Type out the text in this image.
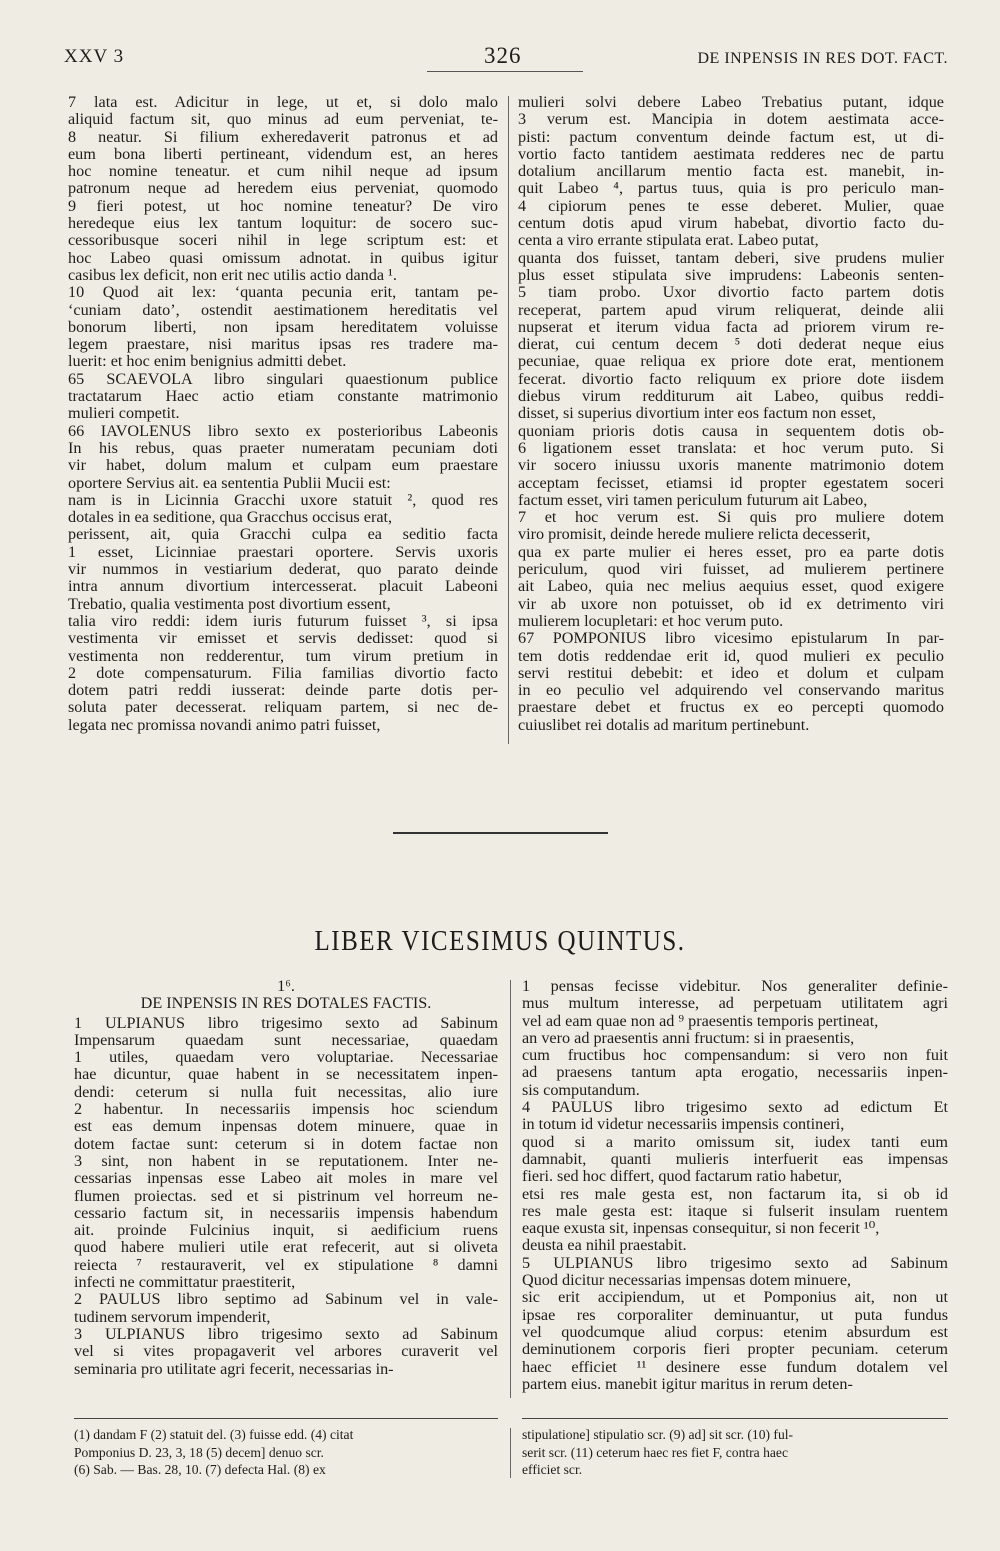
XXV 3	326	DE INPENSIS IN RES DOT. FACT.

7 lata est. Adicitur in lege, ut et, si dolo malo

aliquid factum sit, quo minus ad eum perveniat, te-

8 neatur. Si filium exheredaverit patronus et ad

eum bona liberti pertineant, videndum est, an heres

hoc nomine teneatur. et cum nihil neque ad ipsum

patronum neque ad heredem eius perveniat, quomodo

9 fieri potest, ut hoc nomine teneatur? De viro

heredeque eius lex tantum loquitur: de socero suc-

cessoribusque soceri nihil in lege scriptum est: et

hoc Labeo quasi omissum adnotat. in quibus igitur

casibus lex deficit, non erit nec utilis actio danda ¹.

10 Quod ait lex: ‘quanta pecunia erit, tantam pe-

‘cuniam dato’, ostendit aestimationem hereditatis vel

bonorum liberti, non ipsam hereditatem voluisse

legem praestare, nisi maritus ipsas res tradere ma-

luerit: et hoc enim benignius admitti debet.

65 SCAEVOLA libro singulari quaestionum publice

tractatarum Haec actio etiam constante matrimonio

mulieri competit.

66 IAVOLENUS libro sexto ex posterioribus Labeonis

In his rebus, quas praeter numeratam pecuniam doti

vir habet, dolum malum et culpam eum praestare

oportere Servius ait. ea sententia Publii Mucii est:

nam is in Licinnia Gracchi uxore statuit ², quod res

dotales in ea seditione, qua Gracchus occisus erat,

perissent, ait, quia Gracchi culpa ea seditio facta

1 esset, Licinniae praestari oportere. Servis uxoris

vir nummos in vestiarium dederat, quo parato deinde

intra annum divortium intercesserat. placuit Labeoni

Trebatio, qualia vestimenta post divortium essent,

talia viro reddi: idem iuris futurum fuisset ³, si ipsa

vestimenta vir emisset et servis dedisset: quod si

vestimenta non redderentur, tum virum pretium in

2 dote compensaturum. Filia familias divortio facto

dotem patri reddi iusserat: deinde parte dotis per-

soluta pater decesserat. reliquam partem, si nec de-

legata nec promissa novandi animo patri fuisset,

mulieri solvi debere Labeo Trebatius putant, idque

3 verum est. Mancipia in dotem aestimata acce-

pisti: pactum conventum deinde factum est, ut di-

vortio facto tantidem aestimata redderes nec de partu

dotalium ancillarum mentio facta est. manebit, in-

quit Labeo ⁴, partus tuus, quia is pro periculo man-

4 cipiorum penes te esse deberet. Mulier, quae

centum dotis apud virum habebat, divortio facto du-

centa a viro errante stipulata erat. Labeo putat,

quanta dos fuisset, tantam deberi, sive prudens mulier

plus esset stipulata sive imprudens: Labeonis senten-

5 tiam probo. Uxor divortio facto partem dotis

receperat, partem apud virum reliquerat, deinde alii

nupserat et iterum vidua facta ad priorem virum re-

dierat, cui centum decem ⁵ doti dederat neque eius

pecuniae, quae reliqua ex priore dote erat, mentionem

fecerat. divortio facto reliquum ex priore dote iisdem

diebus virum redditurum ait Labeo, quibus reddi-

disset, si superius divortium inter eos factum non esset,

quoniam prioris dotis causa in sequentem dotis ob-

6 ligationem esset translata: et hoc verum puto. Si

vir socero iniussu uxoris manente matrimonio dotem

acceptam fecisset, etiamsi id propter egestatem soceri

factum esset, viri tamen periculum futurum ait Labeo,

7 et hoc verum est. Si quis pro muliere dotem

viro promisit, deinde herede muliere relicta decesserit,

qua ex parte mulier ei heres esset, pro ea parte dotis

periculum, quod viri fuisset, ad mulierem pertinere

ait Labeo, quia nec melius aequius esset, quod exigere

vir ab uxore non potuisset, ob id ex detrimento viri

mulierem locupletari: et hoc verum puto.

67 POMPONIUS libro vicesimo epistularum In par-

tem dotis reddendae erit id, quod mulieri ex peculio

servi restitui debebit: et ideo et dolum et culpam

in eo peculio vel adquirendo vel conservando maritus

praestare debet et fructus ex eo percepti quomodo

cuiuslibet rei dotalis ad maritum pertinebunt.

LIBER VICESIMUS QUINTUS.

1⁶.

DE INPENSIS IN RES DOTALES FACTIS.

1 ULPIANUS libro trigesimo sexto ad Sabinum

Impensarum quaedam sunt necessariae, quaedam

1 utiles, quaedam vero voluptariae. Necessariae

hae dicuntur, quae habent in se necessitatem inpen-

dendi: ceterum si nulla fuit necessitas, alio iure

2 habentur. In necessariis impensis hoc sciendum

est eas demum inpensas dotem minuere, quae in

dotem factae sunt: ceterum si in dotem factae non

3 sint, non habent in se reputationem. Inter ne-

cessarias inpensas esse Labeo ait moles in mare vel

flumen proiectas. sed et si pistrinum vel horreum ne-

cessario factum sit, in necessariis impensis habendum

ait. proinde Fulcinius inquit, si aedificium ruens

quod habere mulieri utile erat refecerit, aut si oliveta

reiecta ⁷ restauraverit, vel ex stipulatione ⁸ damni

infecti ne committatur praestiterit,

2 PAULUS libro septimo ad Sabinum vel in vale-

tudinem servorum impenderit,

3 ULPIANUS libro trigesimo sexto ad Sabinum

vel si vites propagaverit vel arbores curaverit vel

seminaria pro utilitate agri fecerit, necessarias in-

1 pensas fecisse videbitur. Nos generaliter definie-

mus multum interesse, ad perpetuam utilitatem agri

vel ad eam quae non ad ⁹ praesentis temporis pertineat,

an vero ad praesentis anni fructum: si in praesentis,

cum fructibus hoc compensandum: si vero non fuit

ad praesens tantum apta erogatio, necessariis inpen-

sis computandum.

4 PAULUS libro trigesimo sexto ad edictum Et

in totum id videtur necessariis impensis contineri,

quod si a marito omissum sit, iudex tanti eum

damnabit, quanti mulieris interfuerit eas impensas

fieri. sed hoc differt, quod factarum ratio habetur,

etsi res male gesta est, non factarum ita, si ob id

res male gesta est: itaque si fulserit insulam ruentem

eaque exusta sit, inpensas consequitur, si non fecerit ¹⁰,

deusta ea nihil praestabit.

5 ULPIANUS libro trigesimo sexto ad Sabinum

Quod dicitur necessarias impensas dotem minuere,

sic erit accipiendum, ut et Pomponius ait, non ut

ipsae res corporaliter deminuantur, ut puta fundus

vel quodcumque aliud corpus: etenim absurdum est

deminutionem corporis fieri propter pecuniam. ceterum

haec efficiet ¹¹ desinere esse fundum dotalem vel

partem eius. manebit igitur maritus in rerum deten-

(1) dandam F (2) statuit del. (3) fuisse edd. (4) citat

Pomponius D. 23, 3, 18 (5) decem] denuo scr.

(6) Sab. — Bas. 28, 10. (7) defecta Hal. (8) ex

stipulatione] stipulatio scr. (9) ad] sit scr. (10) ful-

serit scr. (11) ceterum haec res fiet F, contra haec

efficiet scr.
